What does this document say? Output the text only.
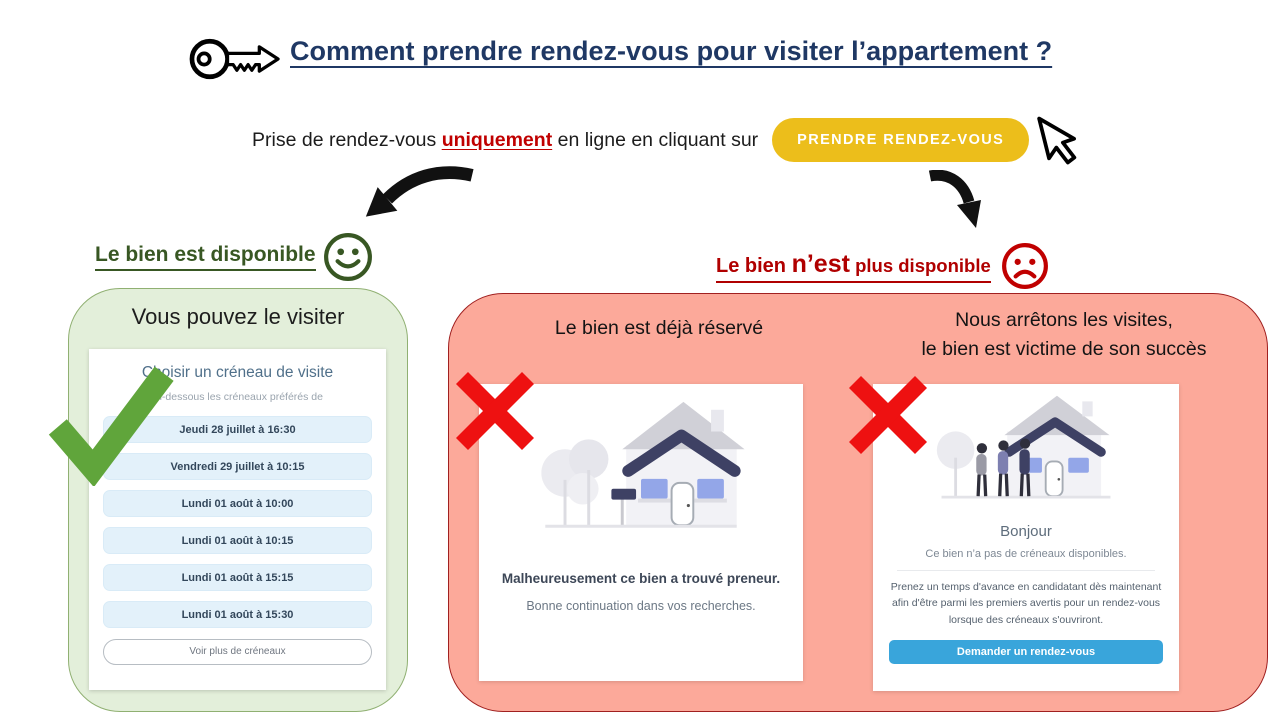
Comment prendre rendez-vous pour visiter l’appartement ?
Prise de rendez-vous uniquement en ligne en cliquant sur	PRENDRE RENDEZ-VOUS
Le bien est disponible
Vous pouvez le visiter
Choisir un créneau de visite
Ci-dessous les créneaux préférés de
Jeudi 28 juillet à 16:30
Vendredi 29 juillet à 10:15
Lundi 01 août à 10:00
Lundi 01 août à 10:15
Lundi 01 août à 15:15
Lundi 01 août à 15:30
Voir plus de créneaux
Le bien n’est plus disponible
Le bien est déjà réservé	Nous arrêtons les visites,
le bien est victime de son succès
Malheureusement ce bien a trouvé preneur.
Bonne continuation dans vos recherches.
Bonjour
Ce bien n’a pas de créneaux disponibles.
Prenez un temps d'avance en candidatant dès maintenant afin d'être parmi les premiers avertis pour un rendez-vous lorsque des créneaux s'ouvriront.
Demander un rendez-vous
